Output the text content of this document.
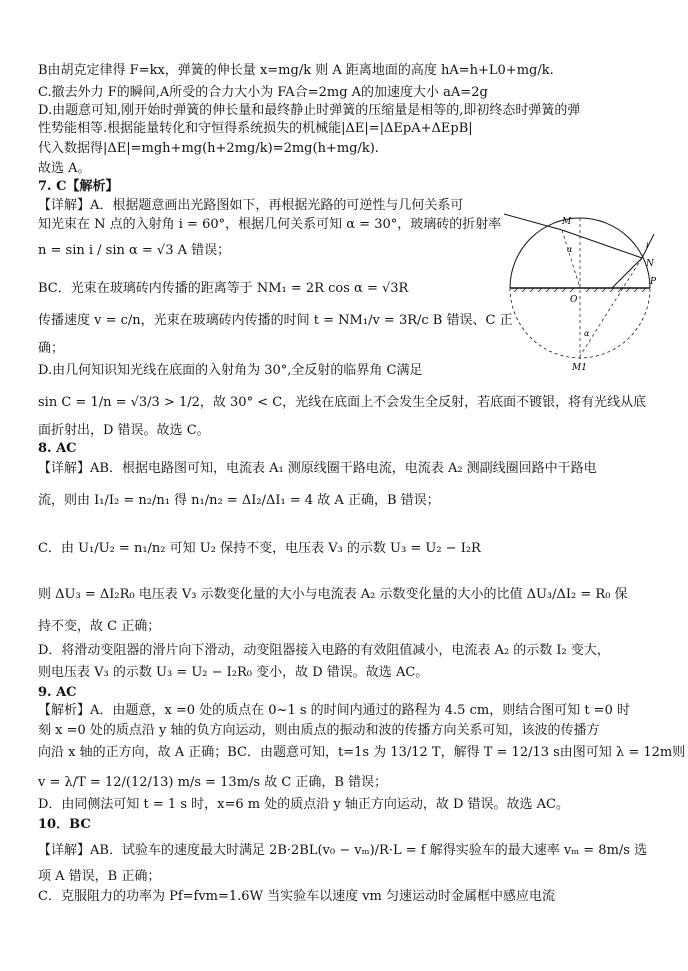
B由胡克定律得 F=kx，弹簧的伸长量 x=mg/k 则 A 距离地面的高度 hA=h+L0+mg/k.
C.撤去外力 F的瞬间,A所受的合力大小为 FA合=2mg A的加速度大小 aA=2g
D.由题意可知,刚开始时弹簧的伸长量和最终静止时弹簧的压缩量是相等的,即初终态时弹簧的弹
性势能相等.根据能量转化和守恒得系统损失的机械能|ΔE|=|ΔEpA+ΔEpB|
代入数据得|ΔE|=mgh+mg(h+2mg/k)=2mg(h+mg/k).
故选 A。
7. C【解析】
【详解】A．根据题意画出光路图如下，再根据光路的可逆性与几何关系可
知光束在 N 点的入射角 i = 60°，根据几何关系可知 α = 30°，玻璃砖的折射率
n = sin i / sin α = √3 A 错误；
BC．光束在玻璃砖内传播的距离等于 NM₁ = 2R cos α = √3R
传播速度 v = c/n，光束在玻璃砖内传播的时间 t = NM₁/v = 3R/c B 错误、C 正
确；
D.由几何知识知光线在底面的入射角为 30°,全反射的临界角 C满足
sin C = 1/n = √3/3 > 1/2，故 30° < C，光线在底面上不会发生全反射，若底面不镀银，将有光线从底
面折射出，D 错误。故选 C。
8. AC
【详解】AB．根据电路图可知，电流表 A₁ 测原线圈干路电流，电流表 A₂ 测副线圈回路中干路电
流，则由 I₁/I₂ = n₂/n₁ 得 n₁/n₂ = ΔI₂/ΔI₁ = 4 故 A 正确，B 错误；
C．由 U₁/U₂ = n₁/n₂ 可知 U₂ 保持不变，电压表 V₃ 的示数 U₃ = U₂ − I₂R
则 ΔU₃ = ΔI₂R₀ 电压表 V₃ 示数变化量的大小与电流表 A₂ 示数变化量的大小的比值 ΔU₃/ΔI₂ = R₀ 保
持不变，故 C 正确；
D．将滑动变阻器的滑片向下滑动，动变阻器接入电路的有效阻值减小，电流表 A₂ 的示数 I₂ 变大，
则电压表 V₃ 的示数 U₃ = U₂ − I₂R₀ 变小，故 D 错误。故选 AC。
9. AC
【解析】A．由题意，x =0 处的质点在 0~1 s 的时间内通过的路程为 4.5 cm，则结合图可知 t =0 时
刻 x =0 处的质点沿 y 轴的负方向运动，则由质点的振动和波的传播方向关系可知，该波的传播方
向沿 x 轴的正方向，故 A 正确；BC．由题意可知，t=1s 为 13/12 T，解得 T = 12/13 s由图可知 λ = 12m则
v = λ/T = 12/(12/13) m/s = 13m/s 故 C 正确，B 错误；
D．由同侧法可知 t = 1 s 时，x=6 m 处的质点沿 y 轴正方向运动，故 D 错误。故选 AC。
10．BC
【详解】AB．试验车的速度最大时满足 2B·2BL(v₀ − vₘ)/R·L = f 解得实验车的最大速率 vₘ = 8m/s 选
项 A 错误，B 正确；
C．克服阻力的功率为 Pf=fvm=1.6W 当实验车以速度 vm 匀速运动时金属框中感应电流
M
N
O
P
M1
i
α
α
